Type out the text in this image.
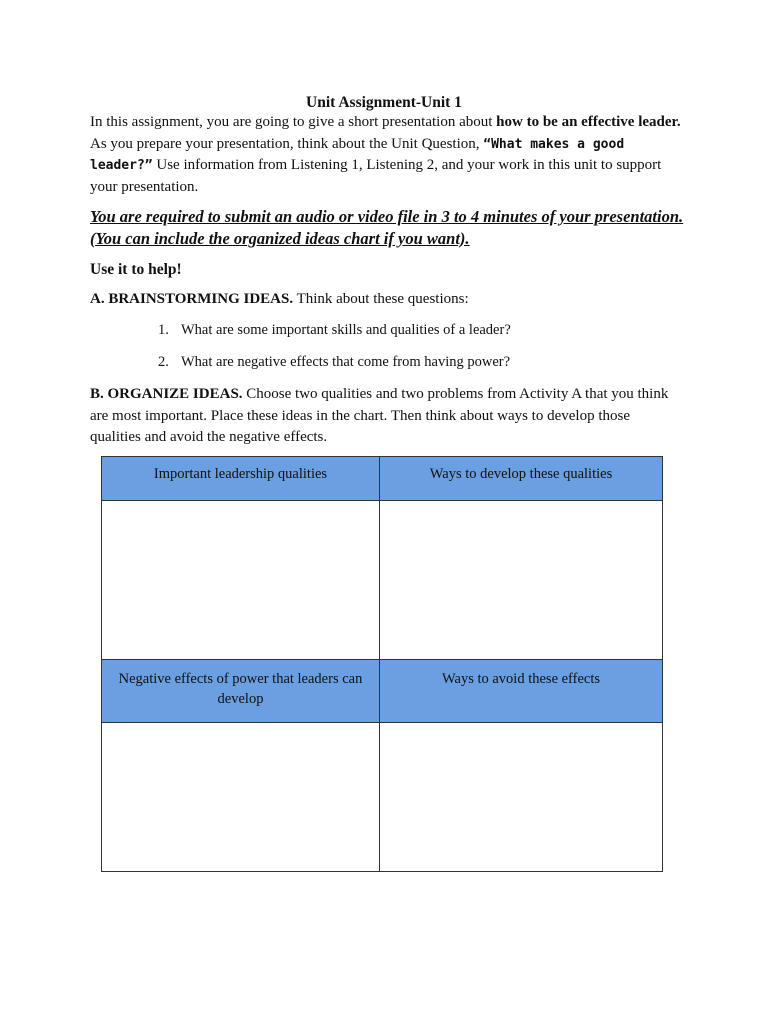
Unit Assignment-Unit 1
In this assignment, you are going to give a short presentation about how to be an effective leader. As you prepare your presentation, think about the Unit Question, “What makes a good leader?” Use information from Listening 1, Listening 2, and your work in this unit to support your presentation.
You are required to submit an audio or video file in 3 to 4 minutes of your presentation. (You can include the organized ideas chart if you want).
Use it to help!
A. BRAINSTORMING IDEAS. Think about these questions:
1. What are some important skills and qualities of a leader?
2. What are negative effects that come from having power?
B. ORGANIZE IDEAS. Choose two qualities and two problems from Activity A that you think are most important. Place these ideas in the chart. Then think about ways to develop those qualities and avoid the negative effects.
Important leadership qualities	Ways to develop these qualities

Negative effects of power that leaders can develop	Ways to avoid these effects
